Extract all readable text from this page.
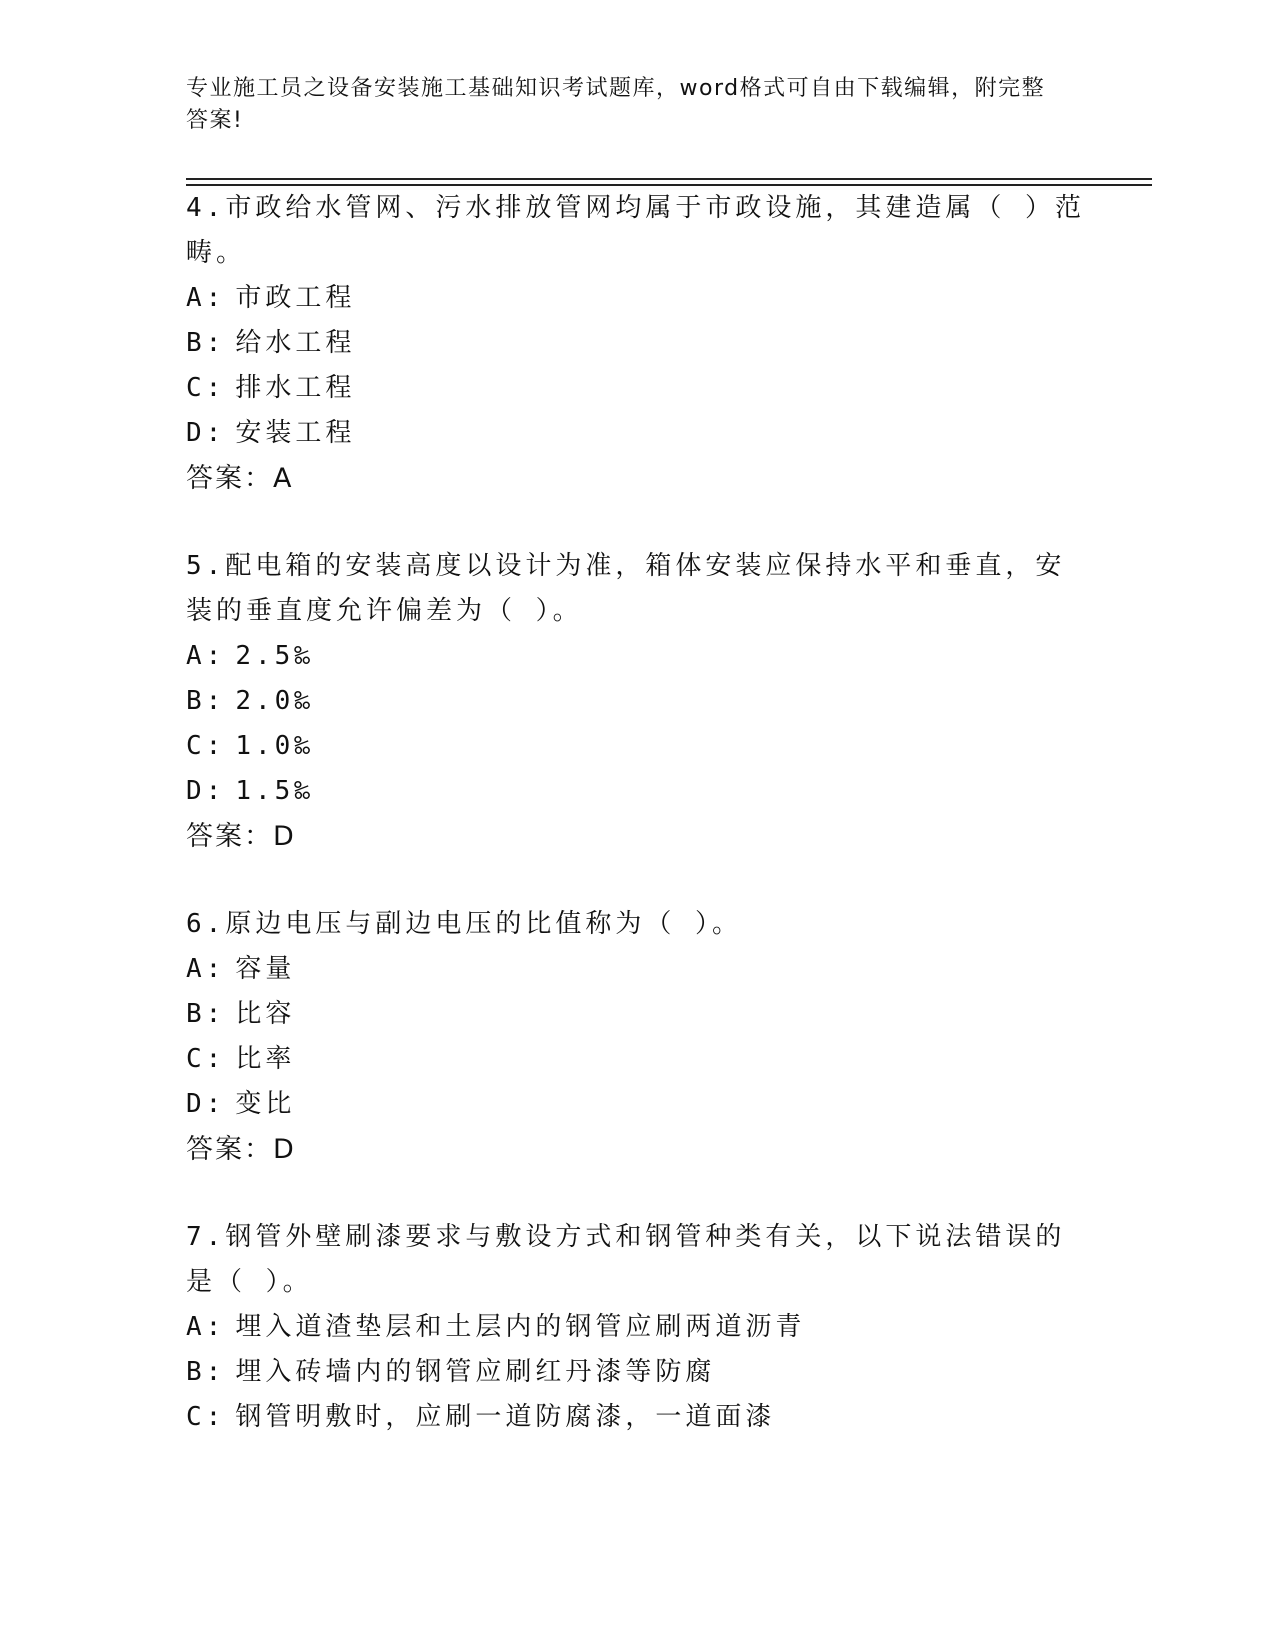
专业施工员之设备安装施工基础知识考试题库，word格式可自由下载编辑，附完整答案!

4.市政给水管网、污水排放管网均属于市政设施，其建造属（ ）范畴。

A: 市政工程
B: 给水工程
C: 排水工程
D: 安装工程

答案：A

5.配电箱的安装高度以设计为准，箱体安装应保持水平和垂直，安装的垂直度允许偏差为（ ）。

A: 2.5‰
B: 2.0‰
C: 1.0‰
D: 1.5‰

答案：D

6.原边电压与副边电压的比值称为（ ）。

A: 容量
B: 比容
C: 比率
D: 变比

答案：D

7.钢管外壁刷漆要求与敷设方式和钢管种类有关，以下说法错误的是（ ）。

A: 埋入道渣垫层和土层内的钢管应刷两道沥青
B: 埋入砖墙内的钢管应刷红丹漆等防腐
C: 钢管明敷时，应刷一道防腐漆，一道面漆
